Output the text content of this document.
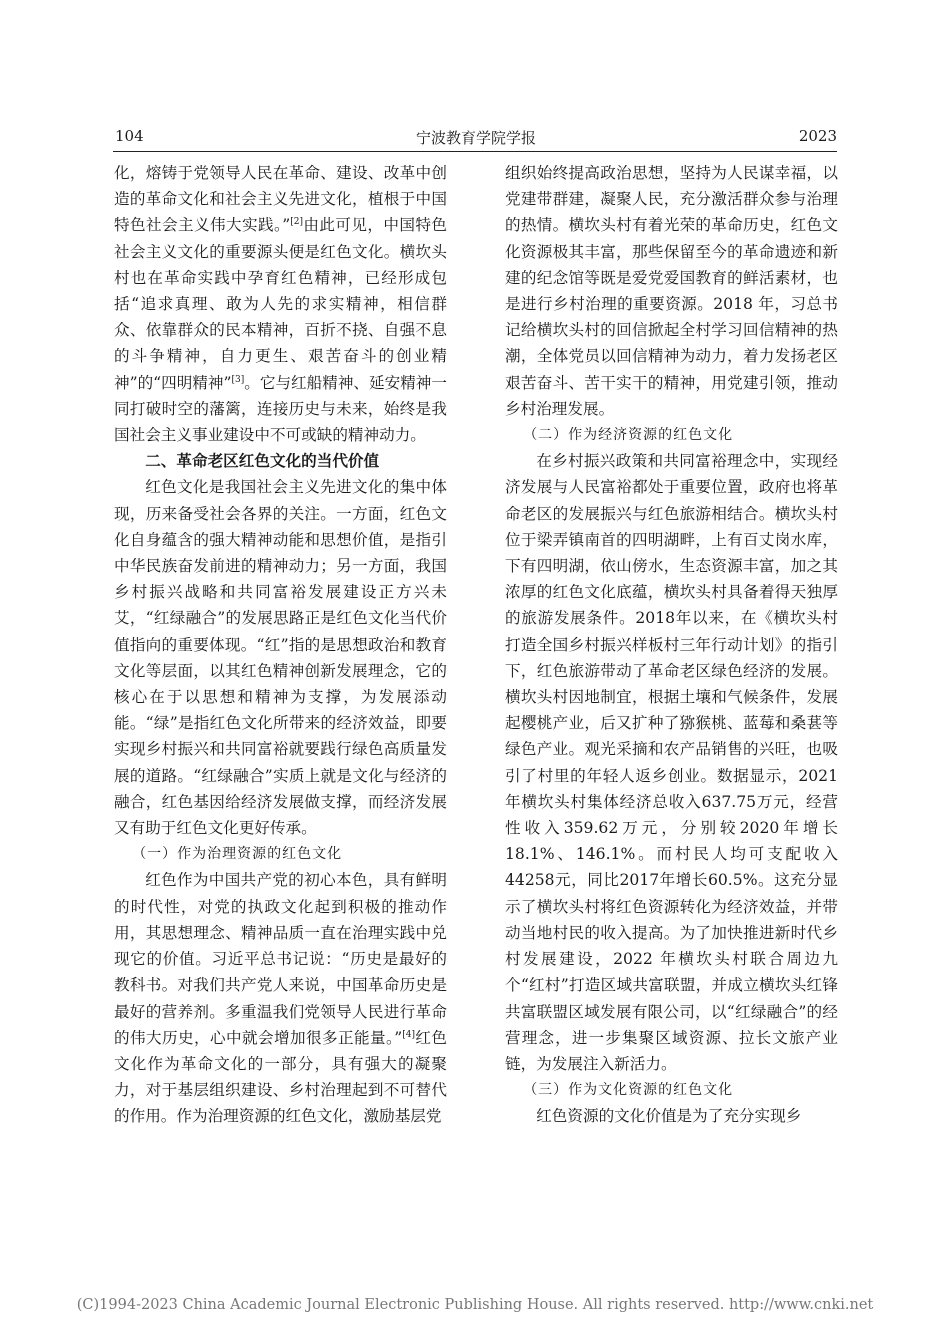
104	宁波教育学院学报	2023

化，熔铸于党领导人民在革命、建设、改革中创造的革命文化和社会主义先进文化，植根于中国特色社会主义伟大实践。”[2]由此可见，中国特色社会主义文化的重要源头便是红色文化。横坎头村也在革命实践中孕育红色精神，已经形成包括“追求真理、敢为人先的求实精神，相信群众、依靠群众的民本精神，百折不挠、自强不息的斗争精神，自力更生、艰苦奋斗的创业精神”的“四明精神”[3]。它与红船精神、延安精神一同打破时空的藩篱，连接历史与未来，始终是我国社会主义事业建设中不可或缺的精神动力。

二、革命老区红色文化的当代价值

红色文化是我国社会主义先进文化的集中体现，历来备受社会各界的关注。一方面，红色文化自身蕴含的强大精神动能和思想价值，是指引中华民族奋发前进的精神动力；另一方面，我国乡村振兴战略和共同富裕发展建设正方兴未艾，“红绿融合”的发展思路正是红色文化当代价值指向的重要体现。“红”指的是思想政治和教育文化等层面，以其红色精神创新发展理念，它的核心在于以思想和精神为支撑，为发展添动能。“绿”是指红色文化所带来的经济效益，即要实现乡村振兴和共同富裕就要践行绿色高质量发展的道路。“红绿融合”实质上就是文化与经济的融合，红色基因给经济发展做支撑，而经济发展又有助于红色文化更好传承。

（一）作为治理资源的红色文化

红色作为中国共产党的初心本色，具有鲜明的时代性，对党的执政文化起到积极的推动作用，其思想理念、精神品质一直在治理实践中兑现它的价值。习近平总书记说：“历史是最好的教科书。对我们共产党人来说，中国革命历史是最好的营养剂。多重温我们党领导人民进行革命的伟大历史，心中就会增加很多正能量。”[4]红色文化作为革命文化的一部分，具有强大的凝聚力，对于基层组织建设、乡村治理起到不可替代的作用。作为治理资源的红色文化，激励基层党

组织始终提高政治思想，坚持为人民谋幸福，以党建带群建，凝聚人民，充分激活群众参与治理的热情。横坎头村有着光荣的革命历史，红色文化资源极其丰富，那些保留至今的革命遗迹和新建的纪念馆等既是爱党爱国教育的鲜活素材，也是进行乡村治理的重要资源。2018 年，习总书记给横坎头村的回信掀起全村学习回信精神的热潮，全体党员以回信精神为动力，着力发扬老区艰苦奋斗、苦干实干的精神，用党建引领，推动乡村治理发展。

（二）作为经济资源的红色文化

在乡村振兴政策和共同富裕理念中，实现经济发展与人民富裕都处于重要位置，政府也将革命老区的发展振兴与红色旅游相结合。横坎头村位于梁弄镇南首的四明湖畔，上有百丈岗水库，下有四明湖，依山傍水，生态资源丰富，加之其浓厚的红色文化底蕴，横坎头村具备着得天独厚的旅游发展条件。2018年以来，在《横坎头村打造全国乡村振兴样板村三年行动计划》的指引下，红色旅游带动了革命老区绿色经济的发展。横坎头村因地制宜，根据土壤和气候条件，发展起樱桃产业，后又扩种了猕猴桃、蓝莓和桑葚等绿色产业。观光采摘和农产品销售的兴旺，也吸引了村里的年轻人返乡创业。数据显示，2021 年横坎头村集体经济总收入637.75万元，经营性收入359.62万元，分别较2020年增长18.1%、146.1%。而村民人均可支配收入44258元，同比2017年增长60.5%。这充分显示了横坎头村将红色资源转化为经济效益，并带动当地村民的收入提高。为了加快推进新时代乡村发展建设，2022 年横坎头村联合周边九个“红村”打造区域共富联盟，并成立横坎头红锋共富联盟区域发展有限公司，以“红绿融合”的经营理念，进一步集聚区域资源、拉长文旅产业链，为发展注入新活力。

（三）作为文化资源的红色文化

红色资源的文化价值是为了充分实现乡

(C)1994-2023 China Academic Journal Electronic Publishing House. All rights reserved. http://www.cnki.net
